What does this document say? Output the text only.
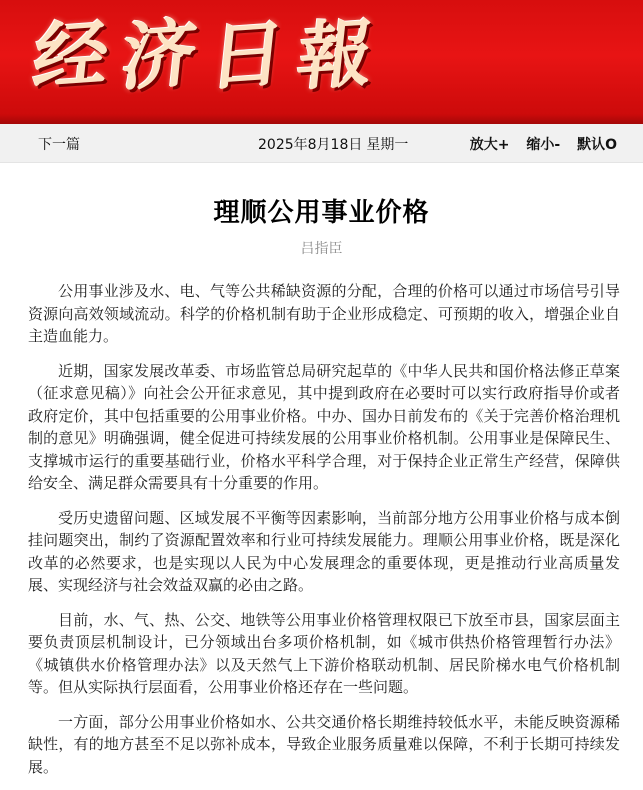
经 济 日 報
下一篇	2025年8月18日 星期一	放大+ 缩小- 默认O
理顺公用事业价格
吕指臣

公用事业涉及水、电、气等公共稀缺资源的分配，合理的价格可以通过市场信号引导资源向高效领域流动。科学的价格机制有助于企业形成稳定、可预期的收入，增强企业自主造血能力。

近期，国家发展改革委、市场监管总局研究起草的《中华人民共和国价格法修正草案（征求意见稿）》向社会公开征求意见，其中提到政府在必要时可以实行政府指导价或者政府定价，其中包括重要的公用事业价格。中办、国办日前发布的《关于完善价格治理机制的意见》明确强调，健全促进可持续发展的公用事业价格机制。公用事业是保障民生、支撑城市运行的重要基础行业，价格水平科学合理，对于保持企业正常生产经营，保障供给安全、满足群众需要具有十分重要的作用。

受历史遗留问题、区域发展不平衡等因素影响，当前部分地方公用事业价格与成本倒挂问题突出，制约了资源配置效率和行业可持续发展能力。理顺公用事业价格，既是深化改革的必然要求，也是实现以人民为中心发展理念的重要体现，更是推动行业高质量发展、实现经济与社会效益双赢的必由之路。

目前，水、气、热、公交、地铁等公用事业价格管理权限已下放至市县，国家层面主要负责顶层机制设计，已分领域出台多项价格机制，如《城市供热价格管理暂行办法》《城镇供水价格管理办法》以及天然气上下游价格联动机制、居民阶梯水电气价格机制等。但从实际执行层面看，公用事业价格还存在一些问题。

一方面，部分公用事业价格如水、公共交通价格长期维持较低水平，未能反映资源稀缺性，有的地方甚至不足以弥补成本，导致企业服务质量难以保障，不利于长期可持续发展。
